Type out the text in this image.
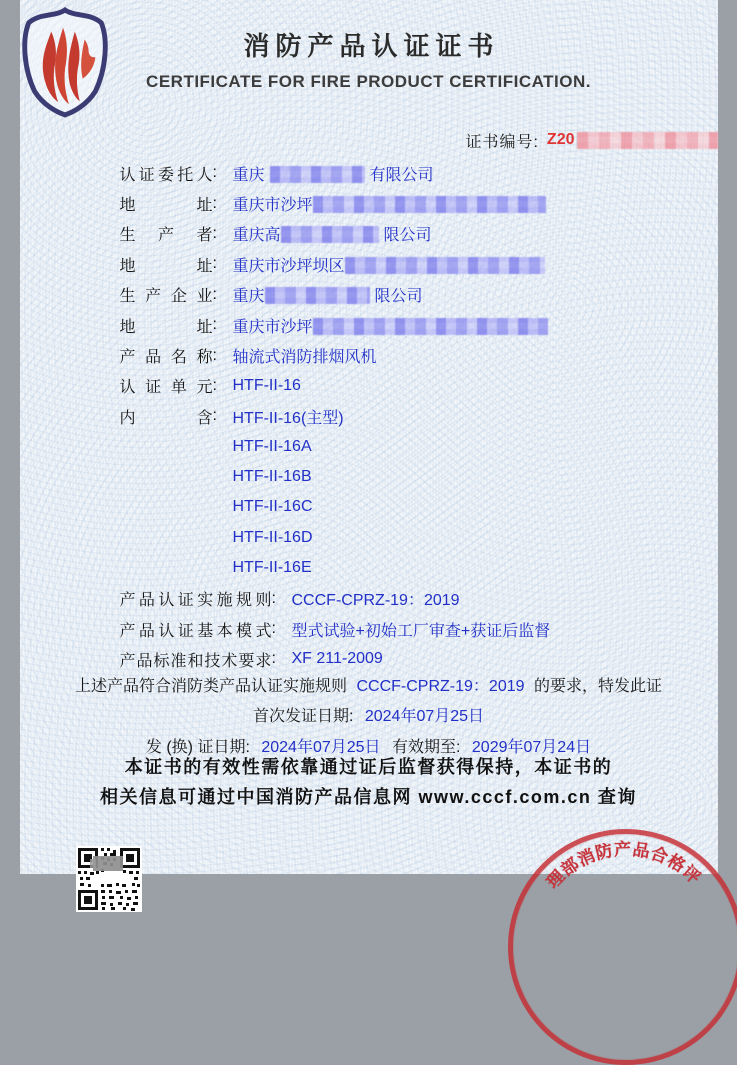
消防产品认证证书
CERTIFICATE FOR FIRE PRODUCT CERTIFICATION.
证书编号: Z20
认 证 委 托 人 : 重庆	有限公司
地	址 : 重庆市沙坪
生 产 者 : 重庆高	限公司
地	址 : 重庆市沙坪坝区
生 产 企 业 : 重庆	限公司
地	址 : 重庆市沙坪
产 品 名 称 : 轴流式消防排烟风机
认 证 单 元 : HTF-II-16
内	含 : HTF-II-16(主型)
HTF-II-16A
HTF-II-16B
HTF-II-16C
HTF-II-16D
HTF-II-16E
产 品 认 证 实 施 规 则 : CCCF-CPRZ-19：2019
产 品 认 证 基 本 模 式 : 型式试验+初始工厂审查+获证后监督
产 品 标 准 和 技 术 要 求 : XF 211-2009
上述产品符合消防类产品认证实施规则 CCCF-CPRZ-19：2019 的要求，特发此证
首次发证日期: 2024年07月25日
发 (换) 证日期: 2024年07月25日 有效期至: 2029年07月24日
本证书的有效性需依靠通过证后监督获得保持，本证书的
相关信息可通过中国消防产品信息网 www.cccf.com.cn 查询
理
部
消
防 产 品
合
格
评
